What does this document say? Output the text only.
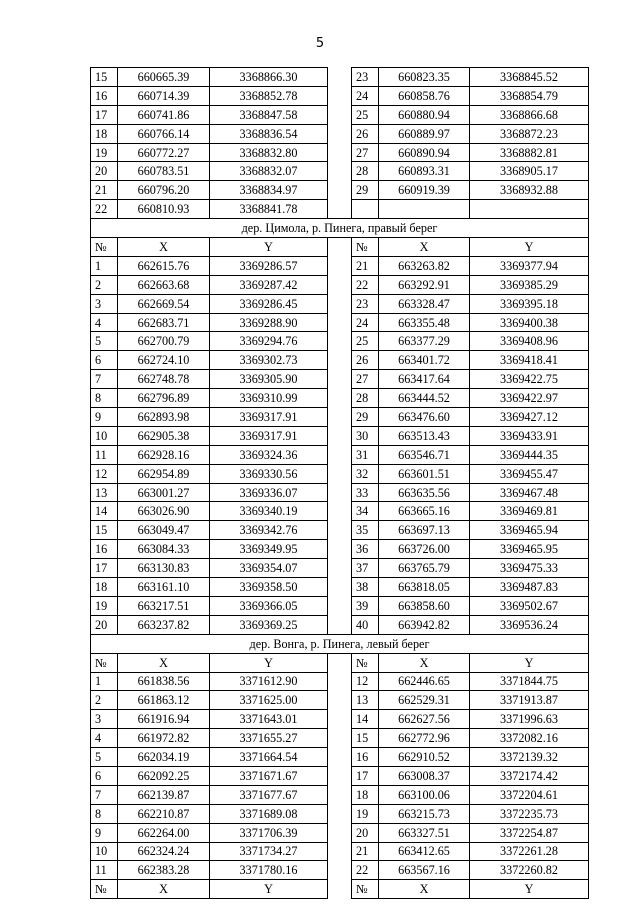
5
15	660665.39	3368866.30		23	660823.35	3368845.52
16	660714.39	3368852.78		24	660858.76	3368854.79
17	660741.86	3368847.58		25	660880.94	3368866.68
18	660766.14	3368836.54		26	660889.97	3368872.23
19	660772.27	3368832.80		27	660890.94	3368882.81
20	660783.51	3368832.07		28	660893.31	3368905.17
21	660796.20	3368834.97		29	660919.39	3368932.88
22	660810.93	3368841.78				
дер. Цимола, р. Пинега, правый берег						
№	X	Y		№	X	Y
1	662615.76	3369286.57		21	663263.82	3369377.94
2	662663.68	3369287.42		22	663292.91	3369385.29
3	662669.54	3369286.45		23	663328.47	3369395.18
4	662683.71	3369288.90		24	663355.48	3369400.38
5	662700.79	3369294.76		25	663377.29	3369408.96
6	662724.10	3369302.73		26	663401.72	3369418.41
7	662748.78	3369305.90		27	663417.64	3369422.75
8	662796.89	3369310.99		28	663444.52	3369422.97
9	662893.98	3369317.91		29	663476.60	3369427.12
10	662905.38	3369317.91		30	663513.43	3369433.91
11	662928.16	3369324.36		31	663546.71	3369444.35
12	662954.89	3369330.56		32	663601.51	3369455.47
13	663001.27	3369336.07		33	663635.56	3369467.48
14	663026.90	3369340.19		34	663665.16	3369469.81
15	663049.47	3369342.76		35	663697.13	3369465.94
16	663084.33	3369349.95		36	663726.00	3369465.95
17	663130.83	3369354.07		37	663765.79	3369475.33
18	663161.10	3369358.50		38	663818.05	3369487.83
19	663217.51	3369366.05		39	663858.60	3369502.67
20	663237.82	3369369.25		40	663942.82	3369536.24
дер. Вонга, р. Пинега, левый берег						
№	X	Y		№	X	Y
1	661838.56	3371612.90		12	662446.65	3371844.75
2	661863.12	3371625.00		13	662529.31	3371913.87
3	661916.94	3371643.01		14	662627.56	3371996.63
4	661972.82	3371655.27		15	662772.96	3372082.16
5	662034.19	3371664.54		16	662910.52	3372139.32
6	662092.25	3371671.67		17	663008.37	3372174.42
7	662139.87	3371677.67		18	663100.06	3372204.61
8	662210.87	3371689.08		19	663215.73	3372235.73
9	662264.00	3371706.39		20	663327.51	3372254.87
10	662324.24	3371734.27		21	663412.65	3372261.28
11	662383.28	3371780.16		22	663567.16	3372260.82
№	X	Y		№	X	Y
